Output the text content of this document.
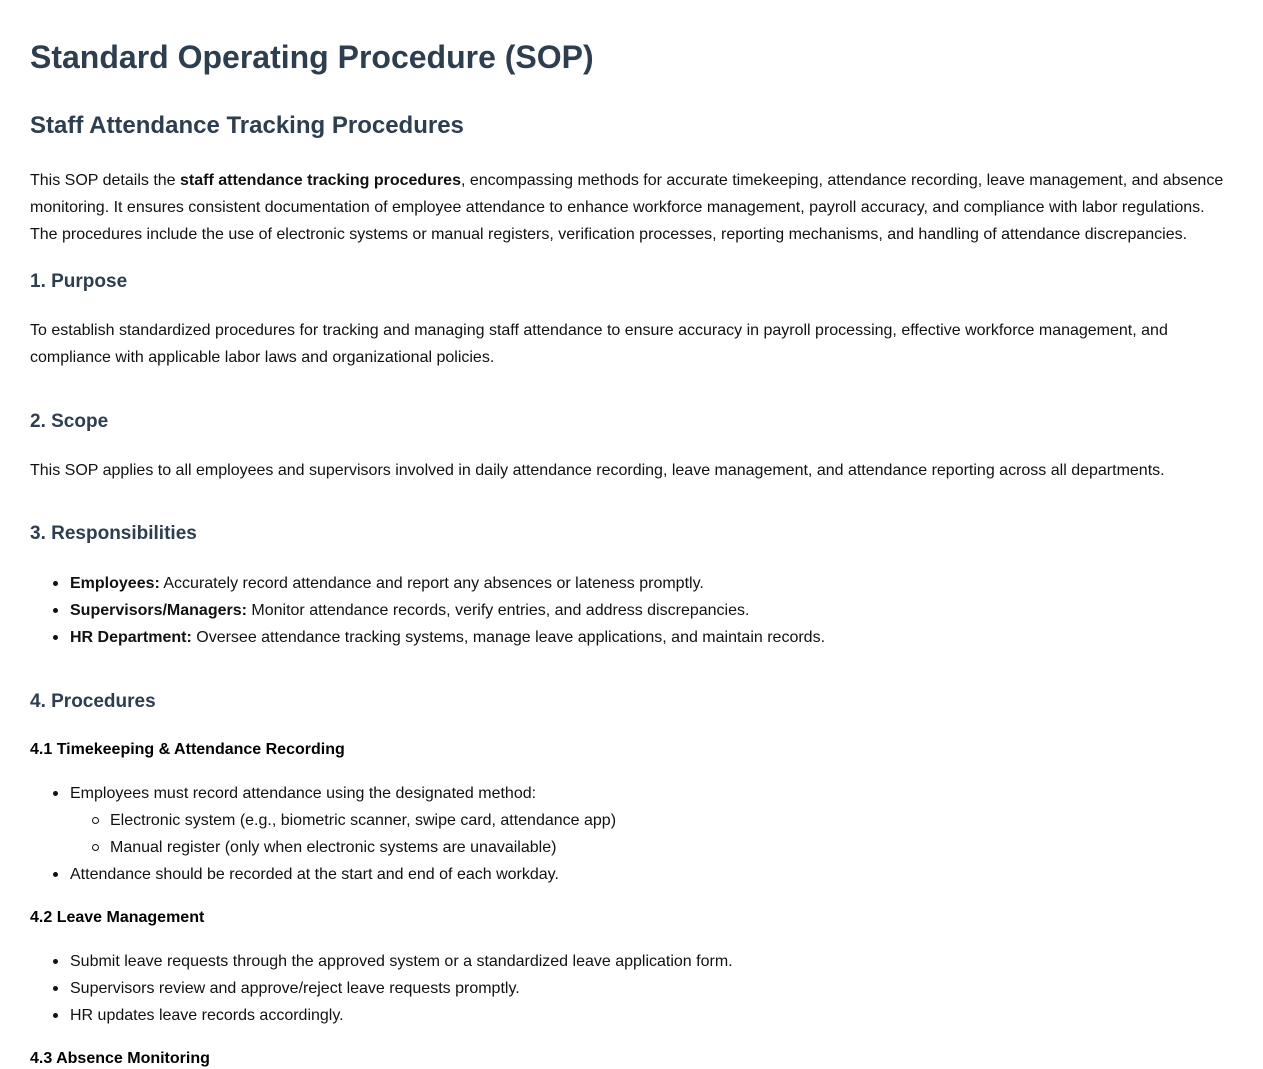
Standard Operating Procedure (SOP)
Staff Attendance Tracking Procedures

This SOP details the staff attendance tracking procedures, encompassing methods for accurate timekeeping, attendance recording, leave management, and absence monitoring. It ensures consistent documentation of employee attendance to enhance workforce management, payroll accuracy, and compliance with labor regulations. The procedures include the use of electronic systems or manual registers, verification processes, reporting mechanisms, and handling of attendance discrepancies.

1. Purpose

To establish standardized procedures for tracking and managing staff attendance to ensure accuracy in payroll processing, effective workforce management, and compliance with applicable labor laws and organizational policies.

2. Scope

This SOP applies to all employees and supervisors involved in daily attendance recording, leave management, and attendance reporting across all departments.

3. Responsibilities
Employees: Accurately record attendance and report any absences or lateness promptly.
Supervisors/Managers: Monitor attendance records, verify entries, and address discrepancies.
HR Department: Oversee attendance tracking systems, manage leave applications, and maintain records.
4. Procedures
4.1 Timekeeping & Attendance Recording
Employees must record attendance using the designated method:
Electronic system (e.g., biometric scanner, swipe card, attendance app)
Manual register (only when electronic systems are unavailable)
Attendance should be recorded at the start and end of each workday.
4.2 Leave Management
Submit leave requests through the approved system or a standardized leave application form.
Supervisors review and approve/reject leave requests promptly.
HR updates leave records accordingly.
4.3 Absence Monitoring
